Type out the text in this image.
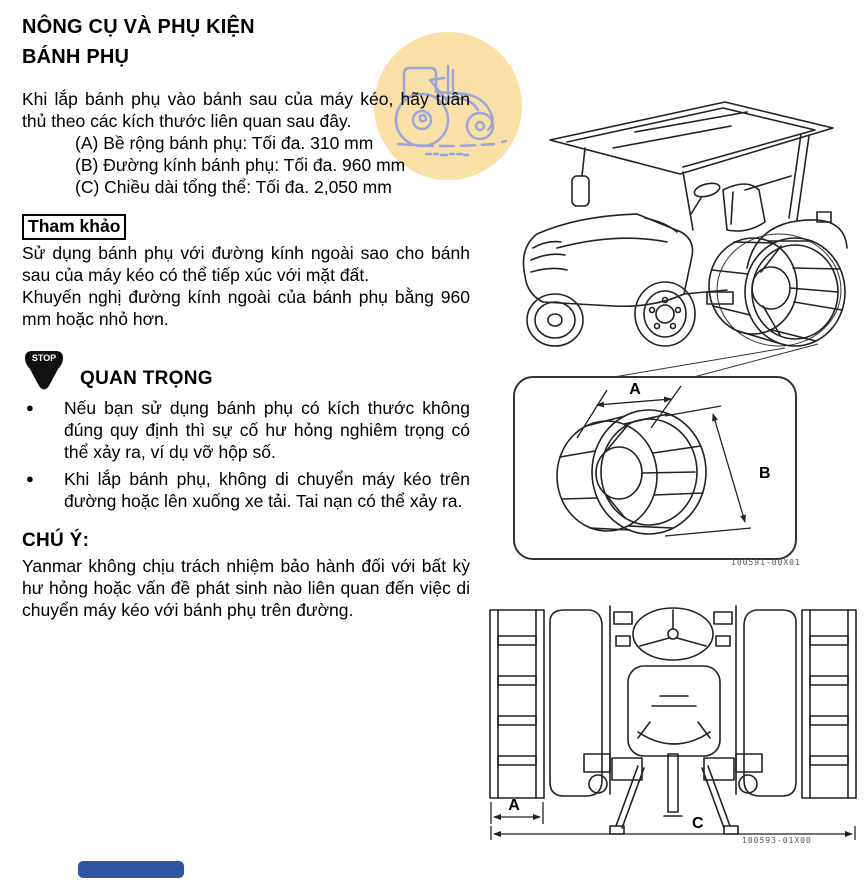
NÔNG CỤ VÀ PHỤ KIỆN
BÁNH PHỤ

Khi lắp bánh phụ vào bánh sau của máy kéo, hãy tuân thủ theo các kích thước liên quan sau đây.

(A) Bề rộng bánh phụ: Tối đa. 310 mm
(B) Đường kính bánh phụ: Tối đa. 960 mm
(C) Chiều dài tổng thể: Tối đa. 2,050 mm
Tham khảo

Sử dụng bánh phụ với đường kính ngoài sao cho bánh sau của máy kéo có thể tiếp xúc với mặt đất.

Khuyến nghị đường kính ngoài của bánh phụ bằng 960 mm hoặc nhỏ hơn.

STOP
QUAN TRỌNG
●	Nếu bạn sử dụng bánh phụ có kích thước không đúng quy định thì sự cố hư hỏng nghiêm trọng có thể xảy ra, ví dụ vỡ hộp số.

●	Khi lắp bánh phụ, không di chuyển máy kéo trên đường hoặc lên xuống xe tải. Tai nạn có thể xảy ra.

CHÚ Ý:

Yanmar không chịu trách nhiệm bảo hành đối với bất kỳ hư hỏng hoặc vấn đề phát sinh nào liên quan đến việc di chuyển máy kéo với bánh phụ trên đường.

A
B
100591-00X01
A
C
100593-01X00
